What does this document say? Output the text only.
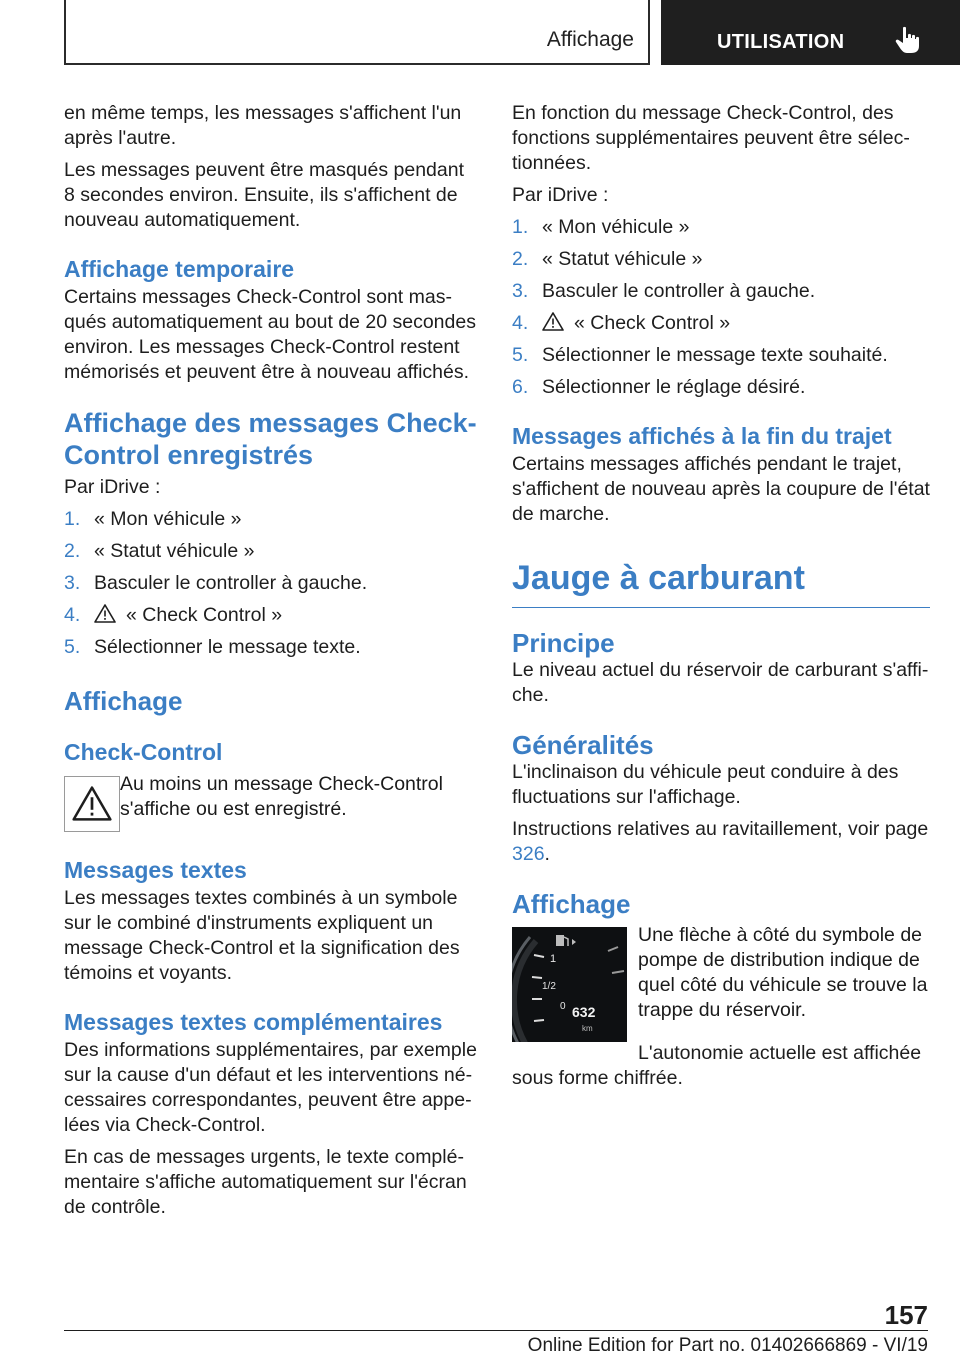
Affichage	UTILISATION

en même temps, les messages s'affichent l'un après l'autre.

Les messages peuvent être masqués pendant 8 secondes environ. Ensuite, ils s'affichent de nouveau automatiquement.

Affichage temporaire

Certains messages Check-Control sont masqués automatiquement au bout de 20 secondes environ. Les messages Check-Control restent mémorisés et peuvent être à nouveau affichés.

Affichage des messages Check-Control enregistrés

Par iDrive :

1. « Mon véhicule »
2. « Statut véhicule »
3. Basculer le controller à gauche.
4. « Check Control »
5. Sélectionner le message texte.
Affichage
Check-Control
Au moins un message Check-Control s'affiche ou est enregistré.
Messages textes

Les messages textes combinés à un symbole sur le combiné d'instruments expliquent un message Check-Control et la signification des témoins et voyants.

Messages textes complémentaires

Des informations supplémentaires, par exemple sur la cause d'un défaut et les interventions nécessaires correspondantes, peuvent être appelées via Check-Control.

En cas de messages urgents, le texte complémentaire s'affiche automatiquement sur l'écran de contrôle.

En fonction du message Check-Control, des fonctions supplémentaires peuvent être sélectionnées.

Par iDrive :

1. « Mon véhicule »
2. « Statut véhicule »
3. Basculer le controller à gauche.
4. « Check Control »
5. Sélectionner le message texte souhaité.
6. Sélectionner le réglage désiré.
Messages affichés à la fin du trajet

Certains messages affichés pendant le trajet, s'affichent de nouveau après la coupure de l'état de marche.

Jauge à carburant
Principe

Le niveau actuel du réservoir de carburant s'affiche.

Généralités

L'inclinaison du véhicule peut conduire à des fluctuations sur l'affichage.

Instructions relatives au ravitaillement, voir page 326.

Affichage
1
1/2
0 632
km
Une flèche à côté du symbole de pompe de distribution indique de quel côté du véhicule se trouve la trappe du réservoir.

L'autonomie actuelle est affichée sous forme chiffrée.

157
Online Edition for Part no. 01402666869 - VI/19
